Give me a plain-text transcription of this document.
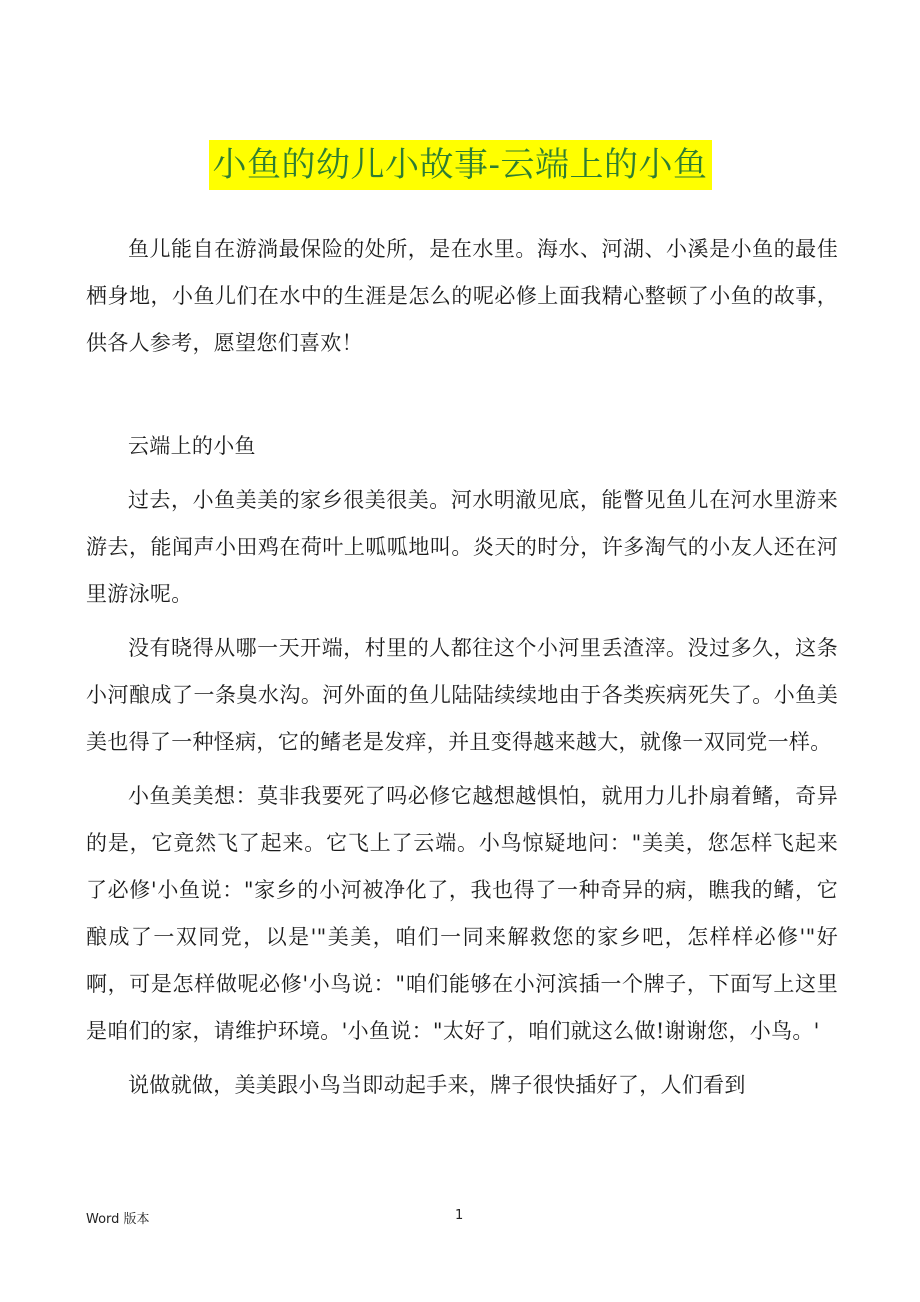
小鱼的幼儿小故事-云端上的小鱼

鱼儿能自在游淌最保险的处所，是在水里。海水、河湖、小溪是小鱼的最佳栖身地，小鱼儿们在水中的生涯是怎么的呢必修上面我精心整顿了小鱼的故事，供各人参考，愿望您们喜欢！

云端上的小鱼

过去，小鱼美美的家乡很美很美。河水明澈见底，能瞥见鱼儿在河水里游来游去，能闻声小田鸡在荷叶上呱呱地叫。炎天的时分，许多淘气的小友人还在河里游泳呢。

没有晓得从哪一天开端，村里的人都往这个小河里丢渣滓。没过多久，这条小河酿成了一条臭水沟。河外面的鱼儿陆陆续续地由于各类疾病死失了。小鱼美美也得了一种怪病，它的鳍老是发痒，并且变得越来越大，就像一双同党一样。

小鱼美美想：莫非我要死了吗必修它越想越惧怕，就用力儿扑扇着鳍，奇异的是，它竟然飞了起来。它飞上了云端。小鸟惊疑地问："美美，您怎样飞起来了必修'小鱼说："家乡的小河被净化了，我也得了一种奇异的病，瞧我的鳍，它酿成了一双同党，以是'"美美，咱们一同来解救您的家乡吧，怎样样必修'"好啊，可是怎样做呢必修'小鸟说："咱们能够在小河滨插一个牌子，下面写上这里是咱们的家，请维护环境。'小鱼说："太好了，咱们就这么做!谢谢您，小鸟。'

说做就做，美美跟小鸟当即动起手来，牌子很快插好了，人们看到

Word 版本	1
